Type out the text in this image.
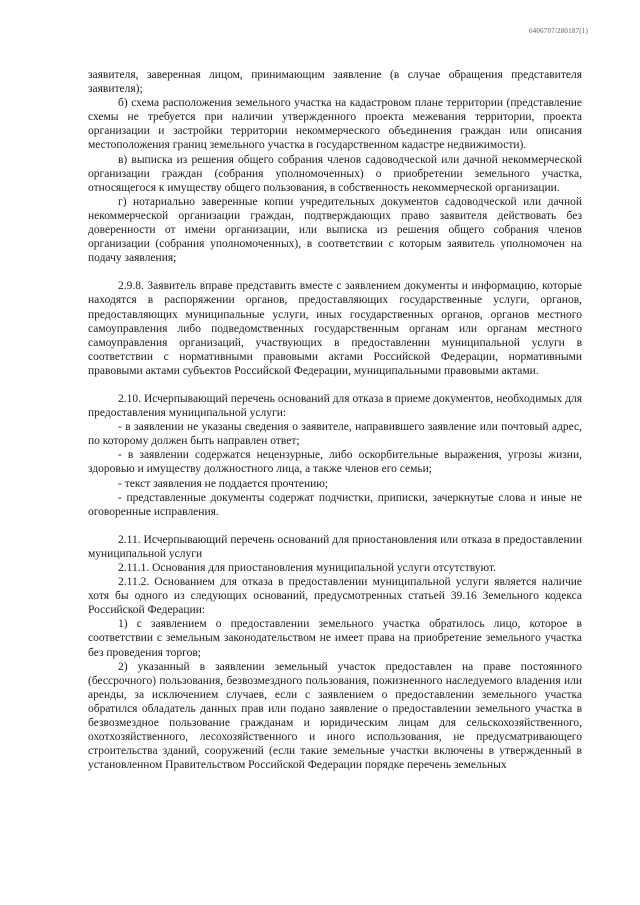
6406707/280187(1)

заявителя, заверенная лицом, принимающим заявление (в случае обращения представителя заявителя);

б) схема расположения земельного участка на кадастровом плане территории (представление схемы не требуется при наличии утвержденного проекта межевания территории, проекта организации и застройки территории некоммерческого объединения граждан или описания местоположения границ земельного участка в государственном кадастре недвижимости).

в) выписка из решения общего собрания членов садоводческой или дачной некоммерческой организации граждан (собрания уполномоченных) о приобретении земельного участка, относящегося к имуществу общего пользования, в собственность некоммерческой организации.

г) нотариально заверенные копии учредительных документов садоводческой или дачной некоммерческой организации граждан, подтверждающих право заявителя действовать без доверенности от имени организации, или выписка из решения общего собрания членов организации (собрания уполномоченных), в соответствии с которым заявитель уполномочен на подачу заявления;

2.9.8. Заявитель вправе представить вместе с заявлением документы и информацию, которые находятся в распоряжении органов, предоставляющих государственные услуги, органов, предоставляющих муниципальные услуги, иных государственных органов, органов местного самоуправления либо подведомственных государственным органам или органам местного самоуправления организаций, участвующих в предоставлении муниципальной услуги в соответствии с нормативными правовыми актами Российской Федерации, нормативными правовыми актами субъектов Российской Федерации, муниципальными правовыми актами.

2.10. Исчерпывающий перечень оснований для отказа в приеме документов, необходимых для предоставления муниципальной услуги:

- в заявлении не указаны сведения о заявителе, направившего заявление или почтовый адрес, по которому должен быть направлен ответ;

- в заявлении содержатся нецензурные, либо оскорбительные выражения, угрозы жизни, здоровью и имуществу должностного лица, а также членов его семьи;

- текст заявления не поддается прочтению;

- представленные документы содержат подчистки, приписки, зачеркнутые слова и иные не оговоренные исправления.

2.11. Исчерпывающий перечень оснований для приостановления или отказа в предоставлении муниципальной услуги

2.11.1. Основания для приостановления муниципальной услуги отсутствуют.

2.11.2. Основанием для отказа в предоставлении муниципальной услуги является наличие хотя бы одного из следующих оснований, предусмотренных статьей 39.16 Земельного кодекса Российской Федерации:

1) с заявлением о предоставлении земельного участка обратилось лицо, которое в соответствии с земельным законодательством не имеет права на приобретение земельного участка без проведения торгов;

2) указанный в заявлении земельный участок предоставлен на праве постоянного (бессрочного) пользования, безвозмездного пользования, пожизненного наследуемого владения или аренды, за исключением случаев, если с заявлением о предоставлении земельного участка обратился обладатель данных прав или подано заявление о предоставлении земельного участка в безвозмездное пользование гражданам и юридическим лицам для сельскохозяйственного, охотхозяйственного, лесохозяйственного и иного использования, не предусматривающего строительства зданий, сооружений (если такие земельные участки включены в утвержденный в установленном Правительством Российской Федерации порядке перечень земельных
